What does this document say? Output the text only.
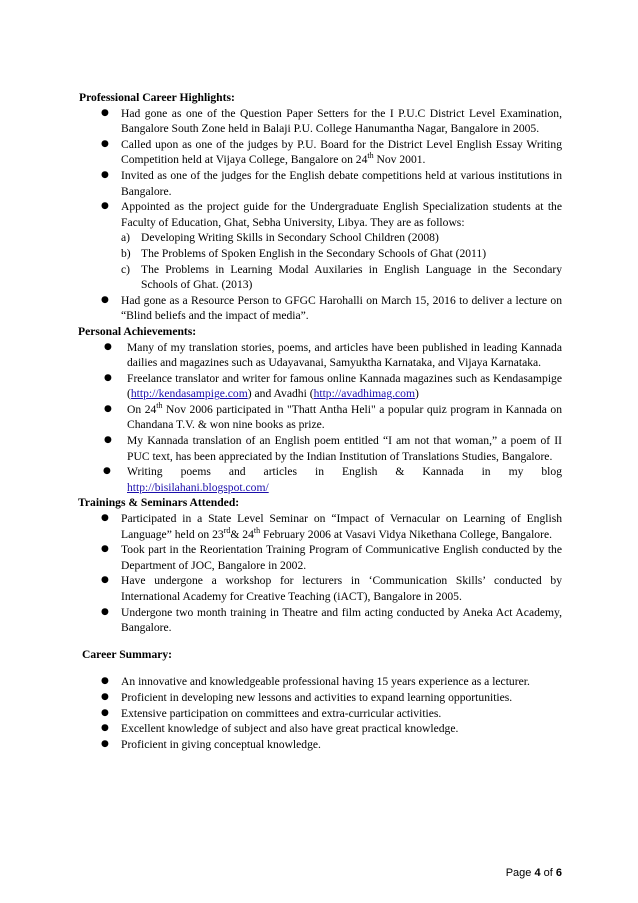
Professional Career Highlights:

● Had gone as one of the Question Paper Setters for the I P.U.C District Level Examination, Bangalore South Zone held in Balaji P.U. College Hanumantha Nagar, Bangalore in 2005.
● Called upon as one of the judges by P.U. Board for the District Level English Essay Writing Competition held at Vijaya College, Bangalore on 24th Nov 2001.
● Invited as one of the judges for the English debate competitions held at various institutions in Bangalore.
● Appointed as the project guide for the Undergraduate English Specialization students at the Faculty of Education, Ghat, Sebha University, Libya. They are as follows:
a) Developing Writing Skills in Secondary School Children (2008)
b) The Problems of Spoken English in the Secondary Schools of Ghat (2011)
c) The Problems in Learning Modal Auxilaries in English Language in the Secondary Schools of Ghat. (2013)
● Had gone as a Resource Person to GFGC Harohalli on March 15, 2016 to deliver a lecture on “Blind beliefs and the impact of media”.

Personal Achievements:

● Many of my translation stories, poems, and articles have been published in leading Kannada dailies and magazines such as Udayavanai, Samyuktha Karnataka, and Vijaya Karnataka.
● Freelance translator and writer for famous online Kannada magazines such as Kendasampige (http://kendasampige.com) and Avadhi (http://avadhimag.com)
● On 24th Nov 2006 participated in "Thatt Antha Heli" a popular quiz program in Kannada on Chandana T.V. & won nine books as prize.
● My Kannada translation of an English poem entitled “I am not that woman,” a poem of II PUC text, has been appreciated by the Indian Institution of Translations Studies, Bangalore.
● Writing poems and articles in English & Kannada in my blog
http://bisilahani.blogspot.com/

Trainings & Seminars Attended:

● Participated in a State Level Seminar on “Impact of Vernacular on Learning of English Language” held on 23rd& 24th February 2006 at Vasavi Vidya Nikethana College, Bangalore.
● Took part in the Reorientation Training Program of Communicative English conducted by the Department of JOC, Bangalore in 2002.
● Have undergone a workshop for lecturers in ‘Communication Skills’ conducted by International Academy for Creative Teaching (iACT), Bangalore in 2005.
● Undergone two month training in Theatre and film acting conducted by Aneka Act Academy, Bangalore.

Career Summary:

● An innovative and knowledgeable professional having 15 years experience as a lecturer.
● Proficient in developing new lessons and activities to expand learning opportunities.
● Extensive participation on committees and extra-curricular activities.
● Excellent knowledge of subject and also have great practical knowledge.
● Proficient in giving conceptual knowledge.
Page 4 of 6
